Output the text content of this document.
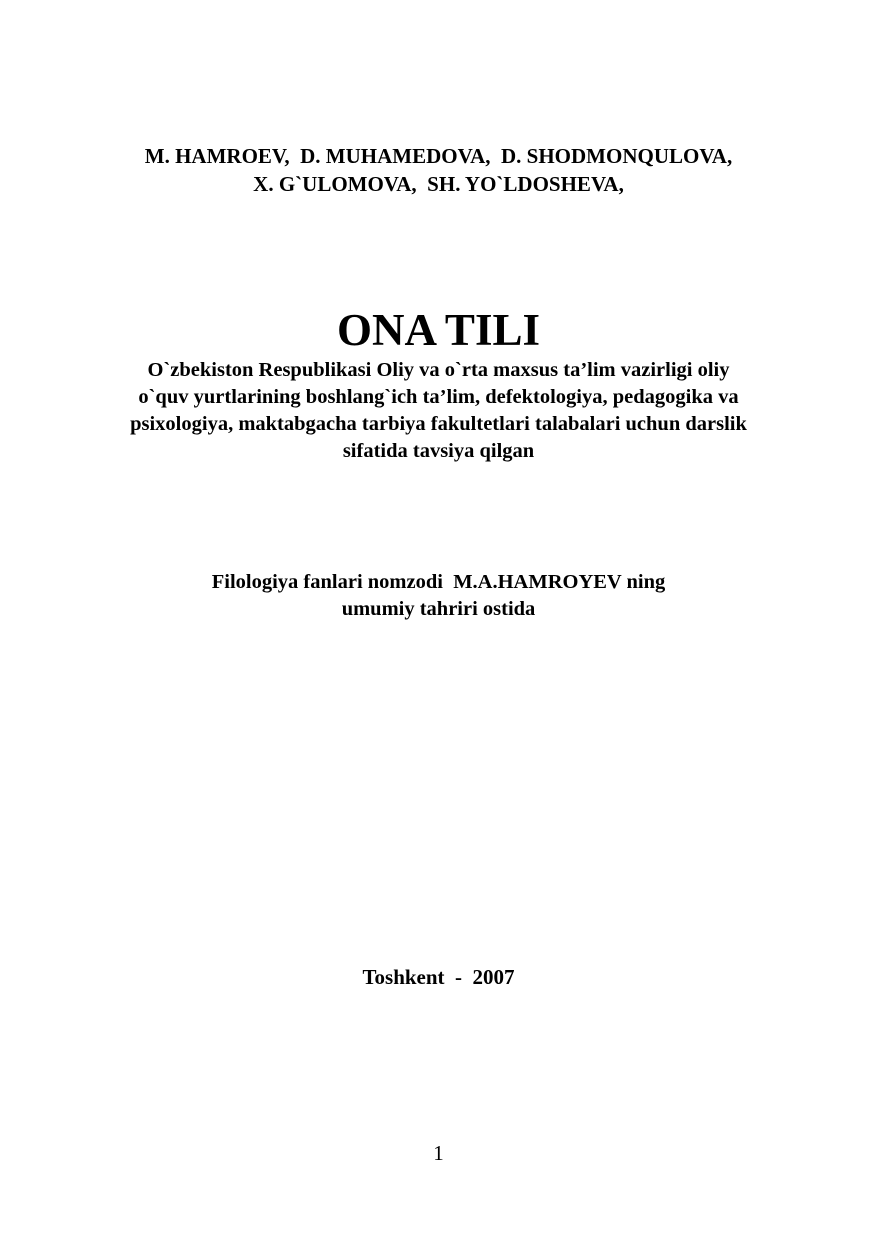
M. HAMROEV,  D. MUHAMEDOVA,  D. SHODMONQULOVA,
X. G`ULOMOVA,  SH. YO`LDOSHEVA,
ONA TILI
O`zbekiston Respublikasi Oliy va o`rta maxsus ta’lim vazirligi oliy
o`quv yurtlarining boshlang`ich ta’lim, defektologiya, pedagogika va
psixologiya, maktabgacha tarbiya fakultetlari talabalari uchun darslik
sifatida tavsiya qilgan
Filologiya fanlari nomzodi  M.A.HAMROYEV ning
umumiy tahriri ostida
Toshkent  -  2007
1
